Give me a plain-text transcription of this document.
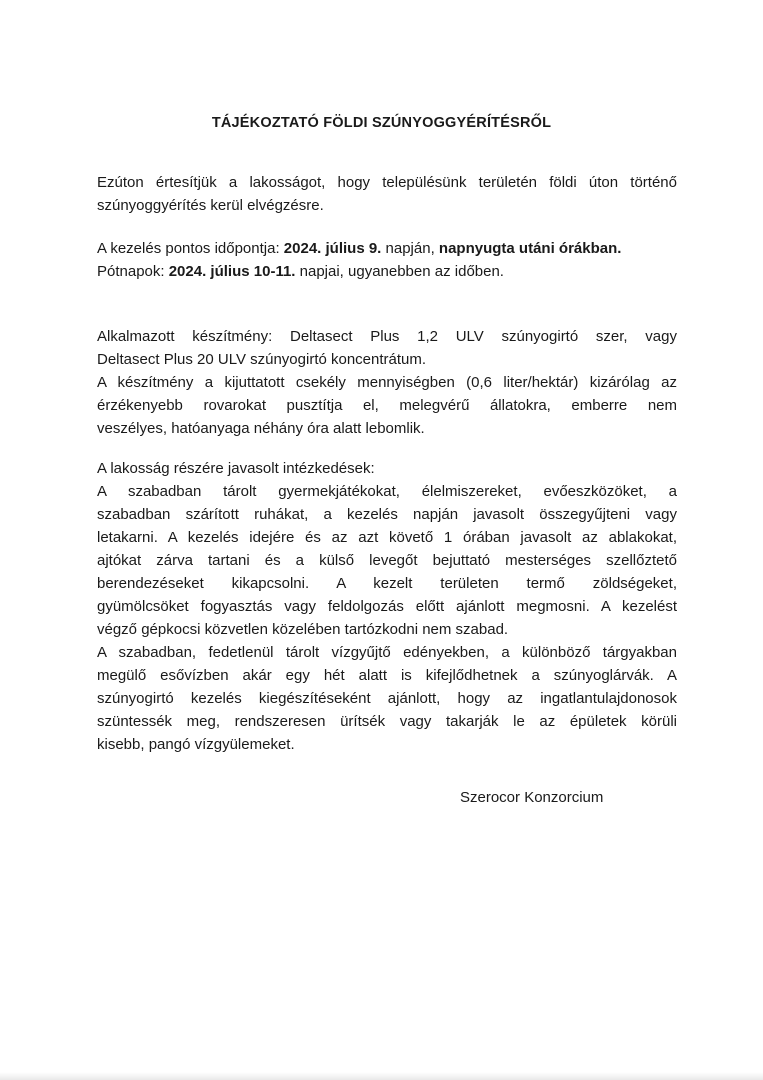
TÁJÉKOZTATÓ FÖLDI SZÚNYOGGYÉRÍTÉSRŐL
Ezúton értesítjük a lakosságot, hogy településünk területén földi úton történő
szúnyoggyérítés kerül elvégzésre.
A kezelés pontos időpontja: 2024. július 9. napján, napnyugta utáni órákban.
Pótnapok: 2024. július 10-11. napjai, ugyanebben az időben.
Alkalmazott készítmény: Deltasect Plus 1,2 ULV szúnyogirtó szer, vagy
Deltasect Plus 20 ULV szúnyogirtó koncentrátum.
A készítmény a kijuttatott csekély mennyiségben (0,6 liter/hektár) kizárólag az
érzékenyebb rovarokat pusztítja el, melegvérű állatokra, emberre nem
veszélyes, hatóanyaga néhány óra alatt lebomlik.
A lakosság részére javasolt intézkedések:
A szabadban tárolt gyermekjátékokat, élelmiszereket, evőeszközöket, a
szabadban szárított ruhákat, a kezelés napján javasolt összegyűjteni vagy
letakarni. A kezelés idejére és az azt követő 1 órában javasolt az ablakokat,
ajtókat zárva tartani és a külső levegőt bejuttató mesterséges szellőztető
berendezéseket kikapcsolni. A kezelt területen termő zöldségeket,
gyümölcsöket fogyasztás vagy feldolgozás előtt ajánlott megmosni. A kezelést
végző gépkocsi közvetlen közelében tartózkodni nem szabad.
A szabadban, fedetlenül tárolt vízgyűjtő edényekben, a különböző tárgyakban
megülő esővízben akár egy hét alatt is kifejlődhetnek a szúnyoglárvák. A
szúnyogirtó kezelés kiegészítéseként ajánlott, hogy az ingatlantulajdonosok
szüntessék meg, rendszeresen ürítsék vagy takarják le az épületek körüli
kisebb, pangó vízgyülemeket.
Szerocor Konzorcium
